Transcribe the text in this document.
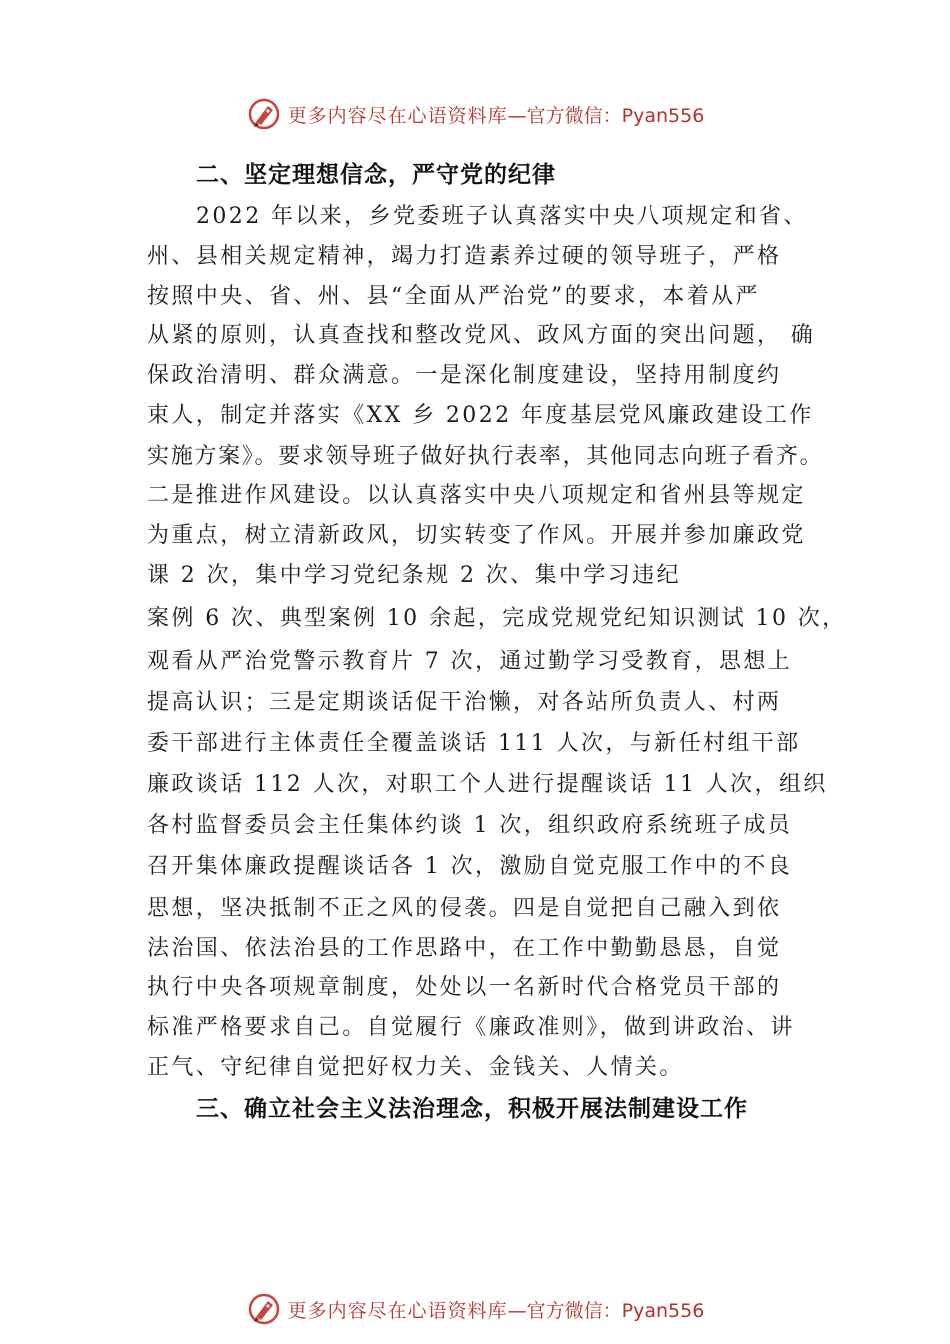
更多内容尽在心语资料库 —官方微信：Pyan556
二、坚定理想信念，严守党的纪律
2022 年以来，乡党委班子认真落实中央八项规定和省、
州、县相关规定精神，竭力打造素养过硬的领导班子，严格
按照中央、省、州、县“全面从严治党”的要求，本着从严
从紧的原则，认真查找和整改党风、政风方面的突出问题， 确
保政治清明、群众满意。一是深化制度建设，坚持用制度约
束人，制定并落实《XX 乡 2022 年度基层党风廉政建设工作
实施方案》。要求领导班子做好执行表率，其他同志向班子看齐。
二是推进作风建设。以认真落实中央八项规定和省州县等规定
为重点，树立清新政风，切实转变了作风。开展并参加廉政党
课 2 次，集中学习党纪条规 2 次、集中学习违纪
案例 6 次、典型案例 10 余起，完成党规党纪知识测试 10 次，
观看从严治党警示教育片 7 次，通过勤学习受教育，思想上
提高认识；三是定期谈话促干治懒，对各站所负责人、村两
委干部进行主体责任全覆盖谈话 111 人次，与新任村组干部
廉政谈话 112 人次，对职工个人进行提醒谈话 11 人次，组织
各村监督委员会主任集体约谈 1 次，组织政府系统班子成员
召开集体廉政提醒谈话各 1 次，激励自觉克服工作中的不良
思想，坚决抵制不正之风的侵袭。四是自觉把自己融入到依
法治国、依法治县的工作思路中，在工作中勤勤恳恳，自觉
执行中央各项规章制度，处处以一名新时代合格党员干部的
标准严格要求自己。自觉履行《廉政准则》，做到讲政治、讲
正气、守纪律自觉把好权力关、金钱关、人情关。
三、确立社会主义法治理念，积极开展法制建设工作
更多内容尽在心语资料库 —官方微信：Pyan556
